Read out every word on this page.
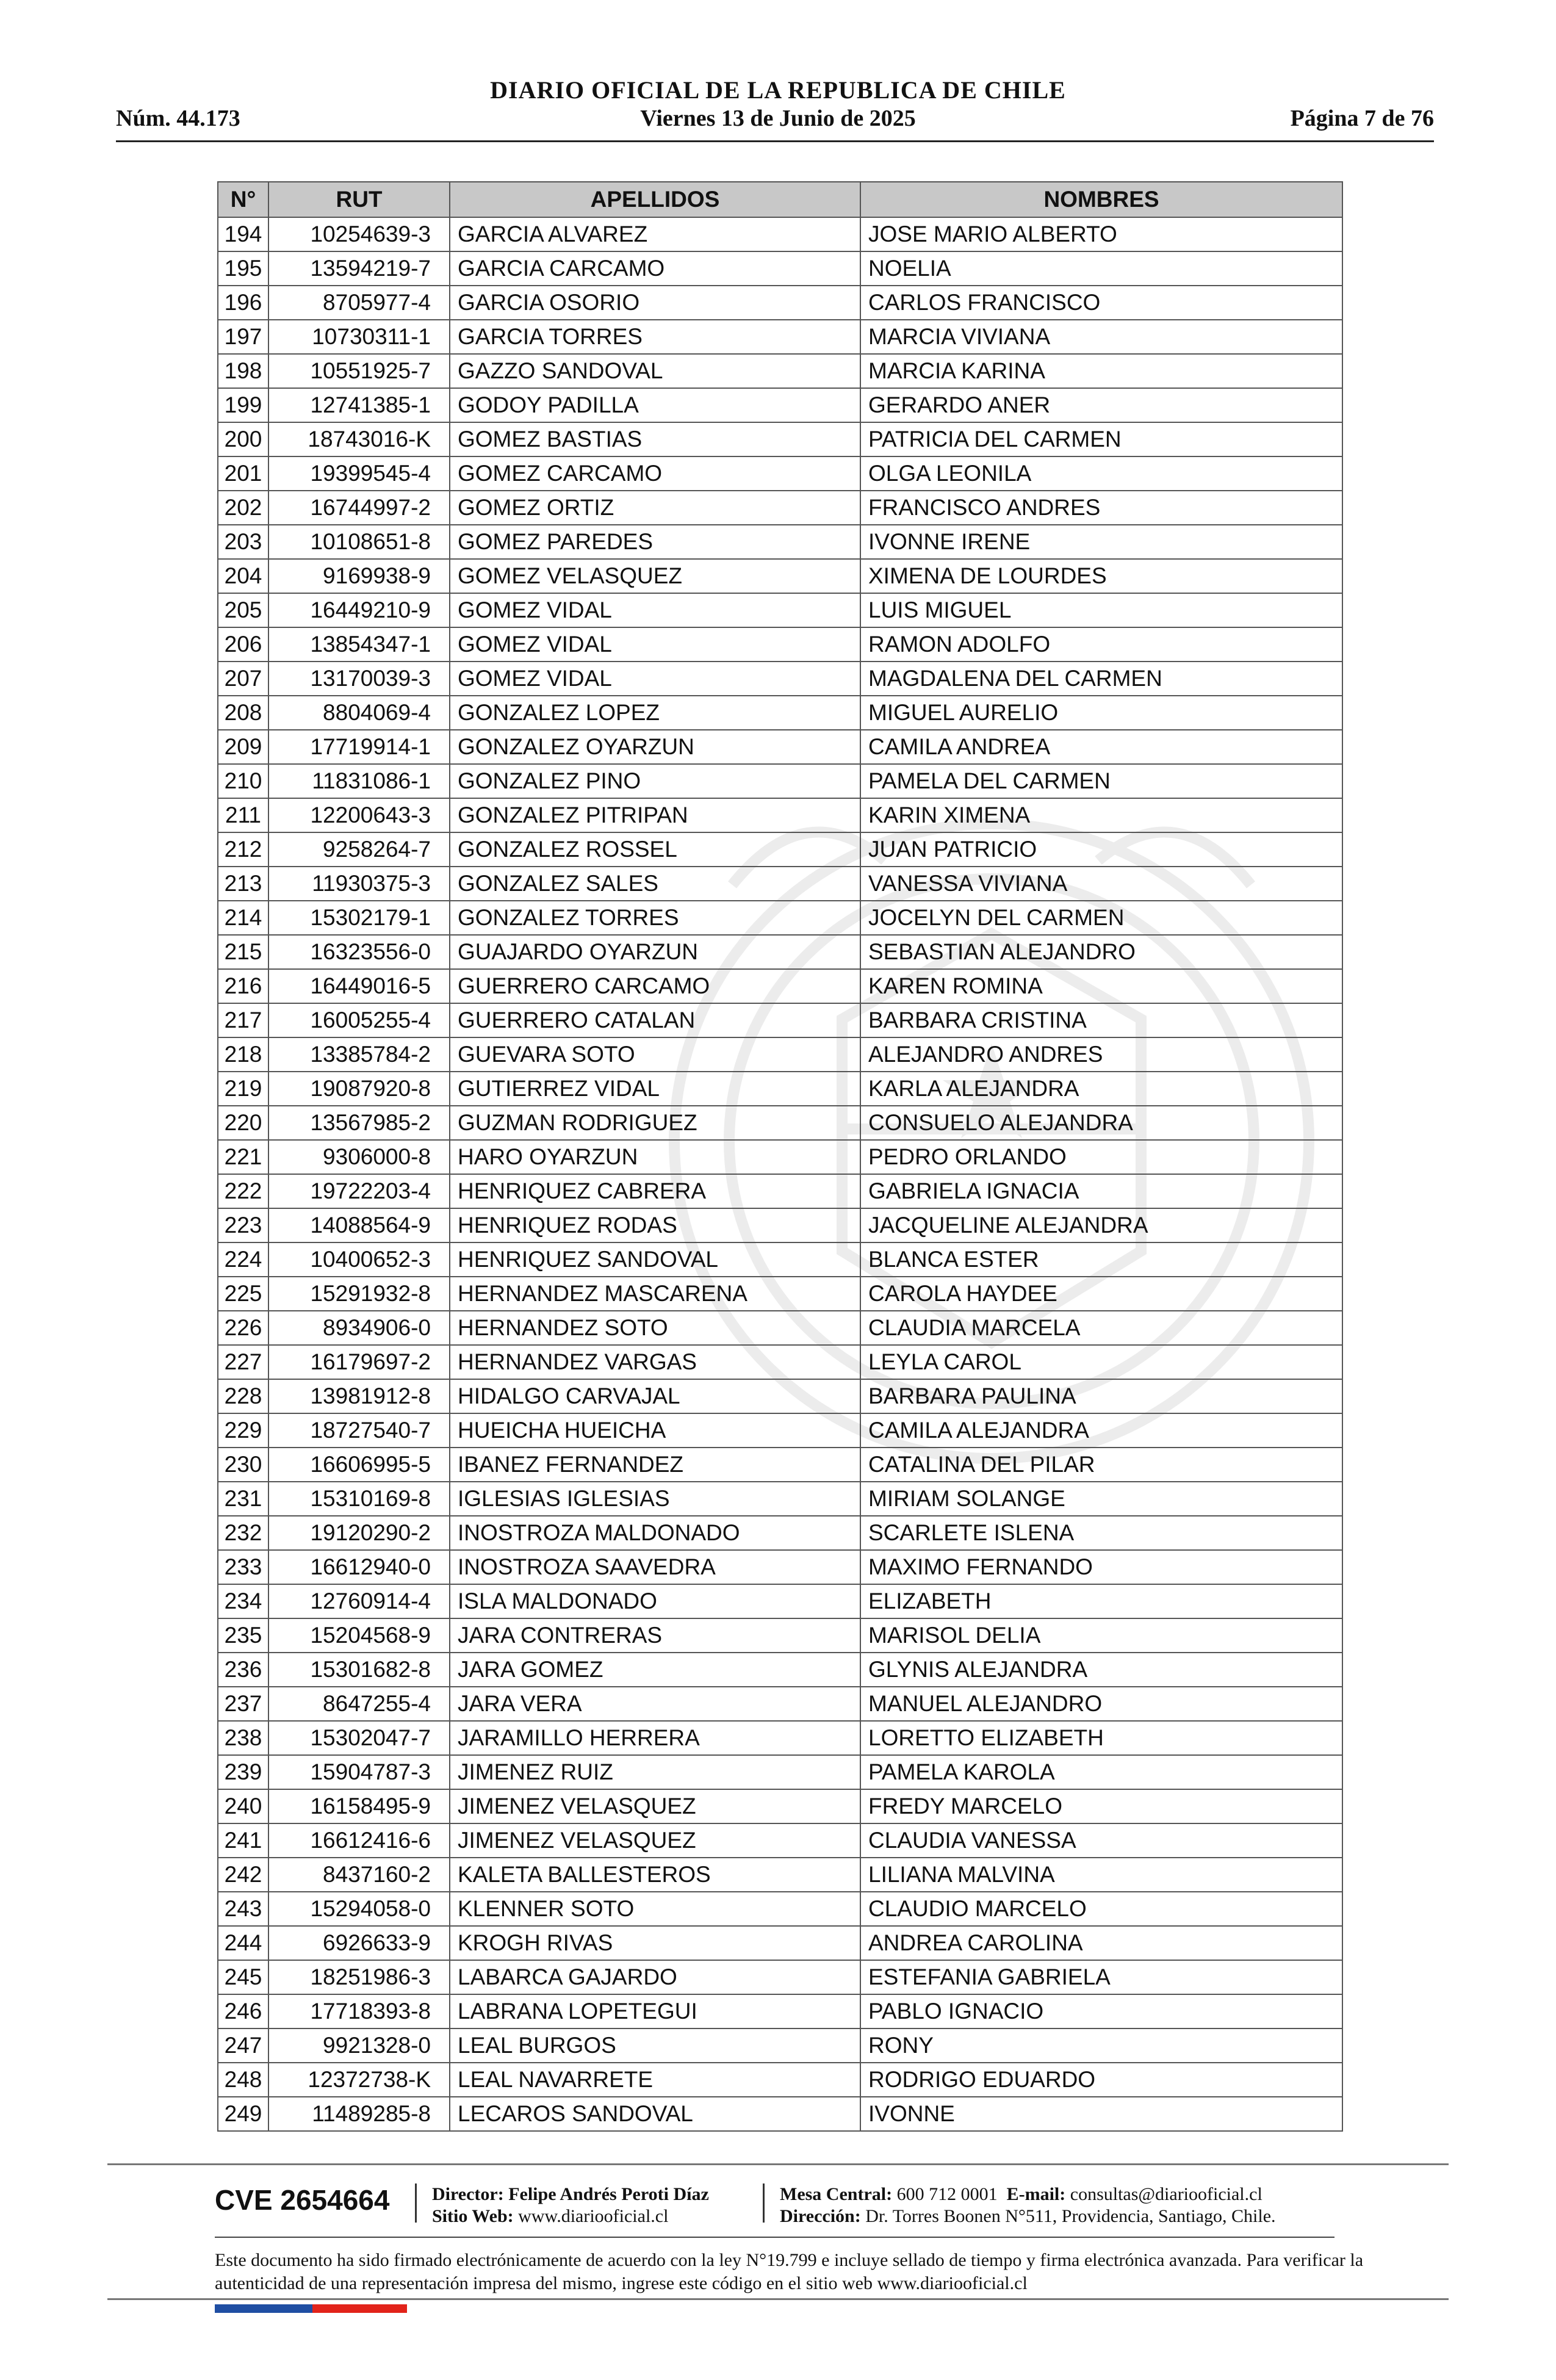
DIARIO OFICIAL DE LA REPUBLICA DE CHILE
Viernes 13 de Junio de 2025
Núm. 44.173	Página 7 de 76
N°	RUT	APELLIDOS	NOMBRES
194	10254639-3	GARCIA ALVAREZ	JOSE MARIO ALBERTO
195	13594219-7	GARCIA CARCAMO	NOELIA
196	8705977-4	GARCIA OSORIO	CARLOS FRANCISCO
197	10730311-1	GARCIA TORRES	MARCIA VIVIANA
198	10551925-7	GAZZO SANDOVAL	MARCIA KARINA
199	12741385-1	GODOY PADILLA	GERARDO ANER
200	18743016-K	GOMEZ BASTIAS	PATRICIA DEL CARMEN
201	19399545-4	GOMEZ CARCAMO	OLGA LEONILA
202	16744997-2	GOMEZ ORTIZ	FRANCISCO ANDRES
203	10108651-8	GOMEZ PAREDES	IVONNE IRENE
204	9169938-9	GOMEZ VELASQUEZ	XIMENA DE LOURDES
205	16449210-9	GOMEZ VIDAL	LUIS MIGUEL
206	13854347-1	GOMEZ VIDAL	RAMON ADOLFO
207	13170039-3	GOMEZ VIDAL	MAGDALENA DEL CARMEN
208	8804069-4	GONZALEZ LOPEZ	MIGUEL AURELIO
209	17719914-1	GONZALEZ OYARZUN	CAMILA ANDREA
210	11831086-1	GONZALEZ PINO	PAMELA DEL CARMEN
211	12200643-3	GONZALEZ PITRIPAN	KARIN XIMENA
212	9258264-7	GONZALEZ ROSSEL	JUAN PATRICIO
213	11930375-3	GONZALEZ SALES	VANESSA VIVIANA
214	15302179-1	GONZALEZ TORRES	JOCELYN DEL CARMEN
215	16323556-0	GUAJARDO OYARZUN	SEBASTIAN ALEJANDRO
216	16449016-5	GUERRERO CARCAMO	KAREN ROMINA
217	16005255-4	GUERRERO CATALAN	BARBARA CRISTINA
218	13385784-2	GUEVARA SOTO	ALEJANDRO ANDRES
219	19087920-8	GUTIERREZ VIDAL	KARLA ALEJANDRA
220	13567985-2	GUZMAN RODRIGUEZ	CONSUELO ALEJANDRA
221	9306000-8	HARO OYARZUN	PEDRO ORLANDO
222	19722203-4	HENRIQUEZ CABRERA	GABRIELA IGNACIA
223	14088564-9	HENRIQUEZ RODAS	JACQUELINE ALEJANDRA
224	10400652-3	HENRIQUEZ SANDOVAL	BLANCA ESTER
225	15291932-8	HERNANDEZ MASCARENA	CAROLA HAYDEE
226	8934906-0	HERNANDEZ SOTO	CLAUDIA MARCELA
227	16179697-2	HERNANDEZ VARGAS	LEYLA CAROL
228	13981912-8	HIDALGO CARVAJAL	BARBARA PAULINA
229	18727540-7	HUEICHA HUEICHA	CAMILA ALEJANDRA
230	16606995-5	IBANEZ FERNANDEZ	CATALINA DEL PILAR
231	15310169-8	IGLESIAS IGLESIAS	MIRIAM SOLANGE
232	19120290-2	INOSTROZA MALDONADO	SCARLETE ISLENA
233	16612940-0	INOSTROZA SAAVEDRA	MAXIMO FERNANDO
234	12760914-4	ISLA MALDONADO	ELIZABETH
235	15204568-9	JARA CONTRERAS	MARISOL DELIA
236	15301682-8	JARA GOMEZ	GLYNIS ALEJANDRA
237	8647255-4	JARA VERA	MANUEL ALEJANDRO
238	15302047-7	JARAMILLO HERRERA	LORETTO ELIZABETH
239	15904787-3	JIMENEZ RUIZ	PAMELA KAROLA
240	16158495-9	JIMENEZ VELASQUEZ	FREDY MARCELO
241	16612416-6	JIMENEZ VELASQUEZ	CLAUDIA VANESSA
242	8437160-2	KALETA BALLESTEROS	LILIANA MALVINA
243	15294058-0	KLENNER SOTO	CLAUDIO MARCELO
244	6926633-9	KROGH RIVAS	ANDREA CAROLINA
245	18251986-3	LABARCA GAJARDO	ESTEFANIA GABRIELA
246	17718393-8	LABRANA LOPETEGUI	PABLO IGNACIO
247	9921328-0	LEAL BURGOS	RONY
248	12372738-K	LEAL NAVARRETE	RODRIGO EDUARDO
249	11489285-8	LECAROS SANDOVAL	IVONNE
CVE 2654664 Director: Felipe Andrés Peroti Díaz
Sitio Web: www.diariooficial.cl
Mesa Central: 600 712 0001 E-mail: consultas@diariooficial.cl
Dirección: Dr. Torres Boonen N°511, Providencia, Santiago, Chile.
Este documento ha sido firmado electrónicamente de acuerdo con la ley N°19.799 e incluye sellado de tiempo y firma electrónica avanzada. Para verificar la autenticidad de una representación impresa del mismo, ingrese este código en el sitio web www.diariooficial.cl
